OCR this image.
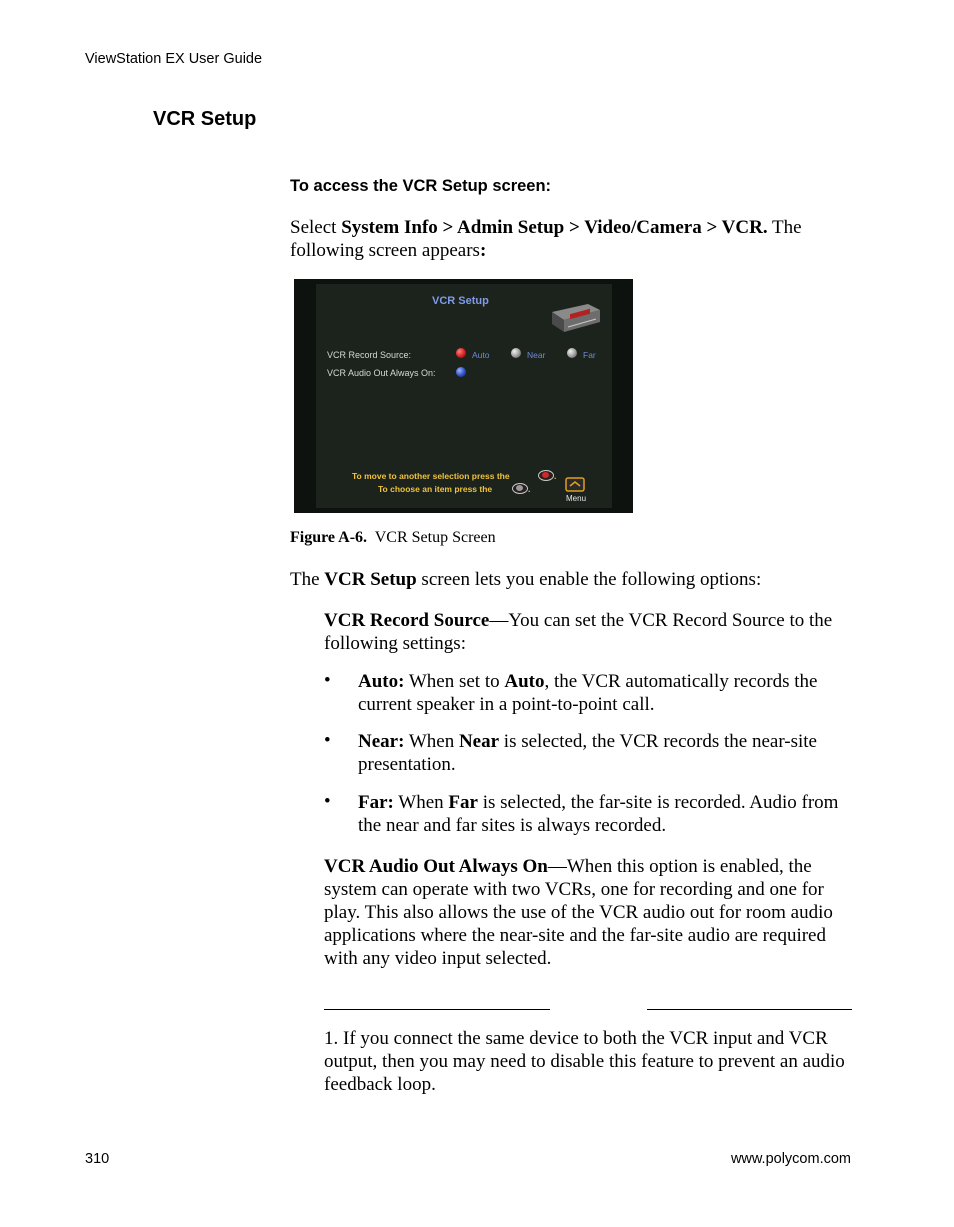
ViewStation EX User Guide
VCR Setup
To access the VCR Setup screen:
Select System Info > Admin Setup > Video/Camera > VCR. The following screen appears:
VCR Setup
VCR Record Source:	Auto	Near	Far
VCR Audio Out Always On:
To move to another selection press the	.
To choose an item press the	.
Menu
Figure A-6. VCR Setup Screen
The VCR Setup screen lets you enable the following options:
VCR Record Source—You can set the VCR Record Source to the following settings:
• Auto: When set to Auto, the VCR automatically records the current speaker in a point-to-point call.
• Near: When Near is selected, the VCR records the near-site presentation.
• Far: When Far is selected, the far-site is recorded. Audio from the near and far sites is always recorded.
VCR Audio Out Always On—When this option is enabled, the system can operate with two VCRs, one for recording and one for play. This also allows the use of the VCR audio out for room audio applications where the near-site and the far-site audio are required with any video input selected.
1. If you connect the same device to both the VCR input and VCR output, then you may need to disable this feature to prevent an audio feedback loop.
310	www.polycom.com
